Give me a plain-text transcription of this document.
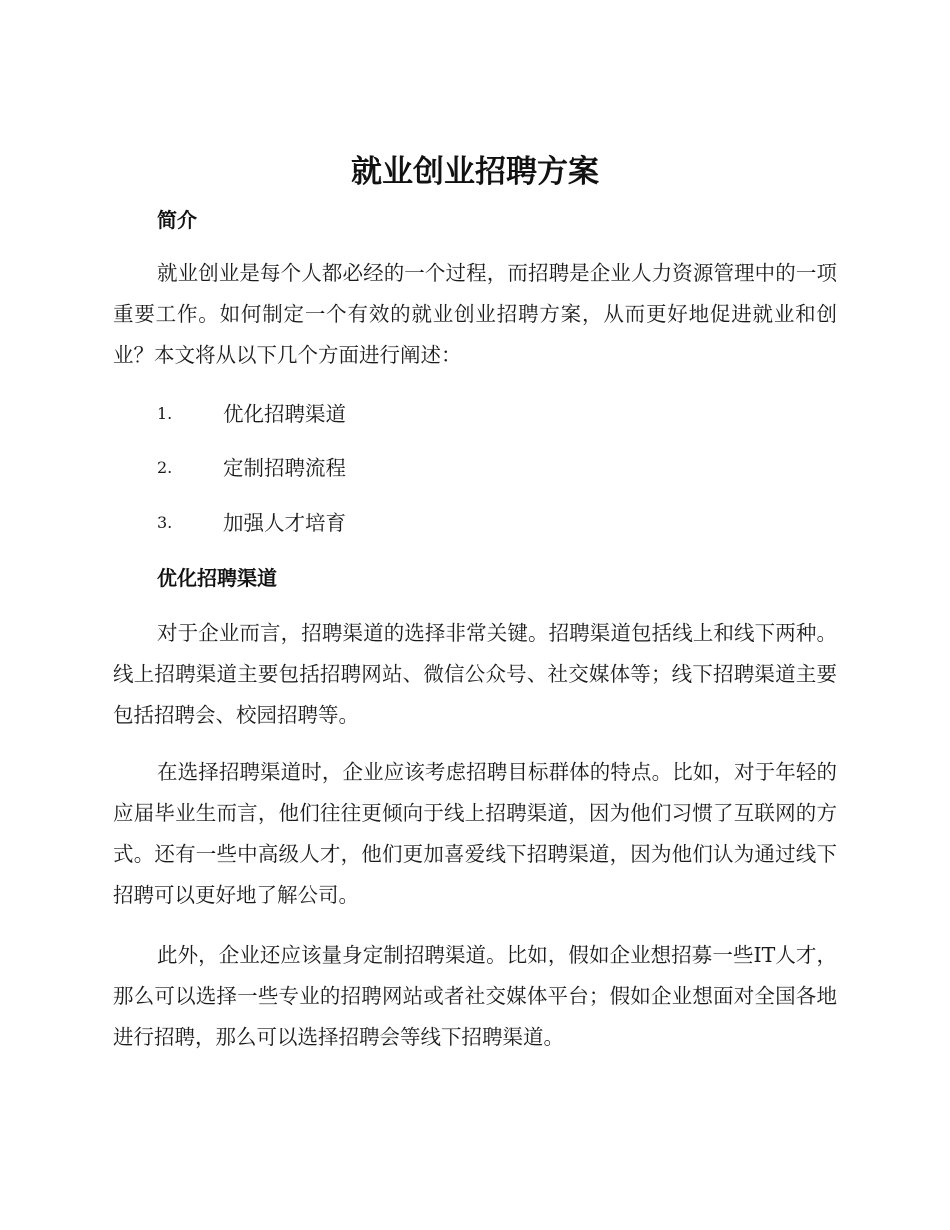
就业创业招聘方案
简介

就业创业是每个人都必经的一个过程，而招聘是企业人力资源管理中的一项重要工作。如何制定一个有效的就业创业招聘方案，从而更好地促进就业和创业？本文将从以下几个方面进行阐述：

1.	优化招聘渠道
2.	定制招聘流程
3.	加强人才培育
优化招聘渠道

对于企业而言，招聘渠道的选择非常关键。招聘渠道包括线上和线下两种。线上招聘渠道主要包括招聘网站、微信公众号、社交媒体等；线下招聘渠道主要包括招聘会、校园招聘等。

在选择招聘渠道时，企业应该考虑招聘目标群体的特点。比如，对于年轻的应届毕业生而言，他们往往更倾向于线上招聘渠道，因为他们习惯了互联网的方式。还有一些中高级人才，他们更加喜爱线下招聘渠道，因为他们认为通过线下招聘可以更好地了解公司。

此外，企业还应该量身定制招聘渠道。比如，假如企业想招募一些IT人才，那么可以选择一些专业的招聘网站或者社交媒体平台；假如企业想面对全国各地进行招聘，那么可以选择招聘会等线下招聘渠道。
